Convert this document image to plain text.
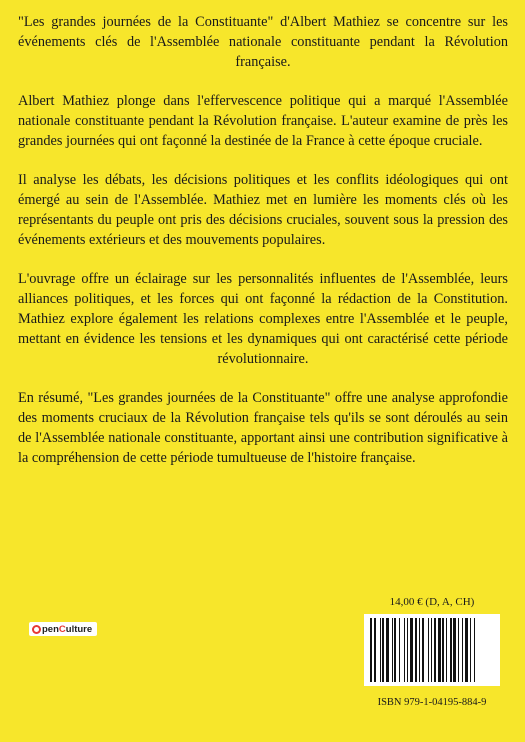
"Les grandes journées de la Constituante" d'Albert Mathiez se concentre sur les événements clés de l'Assemblée nationale constituante pendant la Révolution française.

Albert Mathiez plonge dans l'effervescence politique qui a marqué l'Assemblée nationale constituante pendant la Révolution française. L'auteur examine de près les grandes journées qui ont façonné la destinée de la France à cette époque cruciale.

Il analyse les débats, les décisions politiques et les conflits idéologiques qui ont émergé au sein de l'Assemblée. Mathiez met en lumière les moments clés où les représentants du peuple ont pris des décisions cruciales, souvent sous la pression des événements extérieurs et des mouvements populaires.

L'ouvrage offre un éclairage sur les personnalités influentes de l'Assemblée, leurs alliances politiques, et les forces qui ont façonné la rédaction de la Constitution. Mathiez explore également les relations complexes entre l'Assemblée et le peuple, mettant en évidence les tensions et les dynamiques qui ont caractérisé cette période révolutionnaire.

En résumé, "Les grandes journées de la Constituante" offre une analyse approfondie des moments cruciaux de la Révolution française tels qu'ils se sont déroulés au sein de l'Assemblée nationale constituante, apportant ainsi une contribution significative à la compréhension de cette période tumultueuse de l'histoire française.

pen C ulture
14,00 € (D, A, CH)
ISBN 979-1-04195-884-9
